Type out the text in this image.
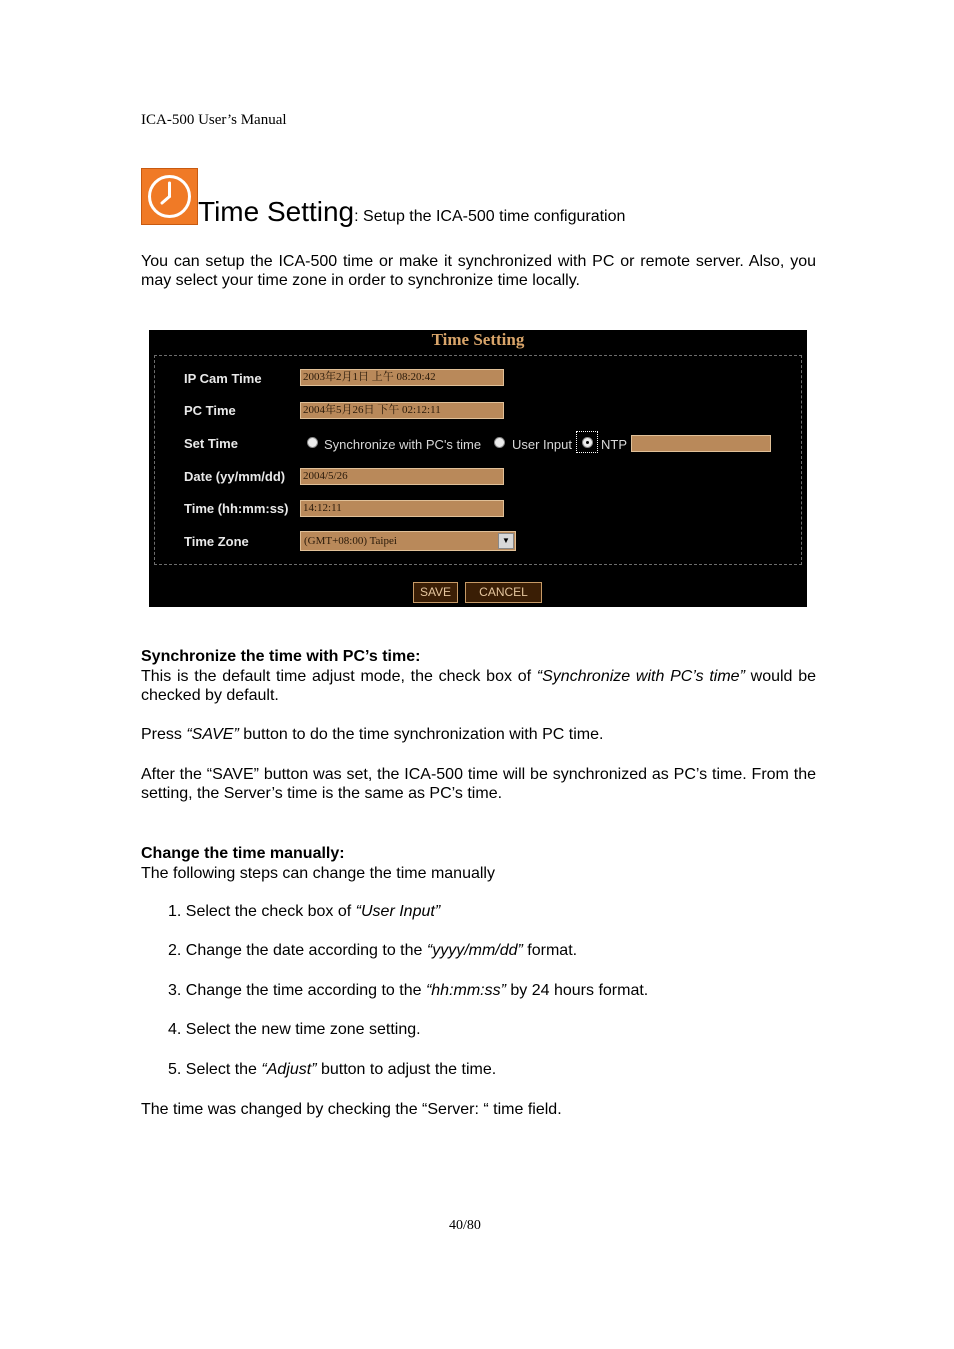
ICA-500 User’s Manual
Time Setting: Setup the ICA-500 time configuration
You can setup the ICA-500 time or make it synchronized with PC or remote server. Also, you may select your time zone in order to synchronize time locally.
Time Setting
IP Cam Time	2003年2月1日 上午 08:20:42
PC Time	2004年5月26日 下午 02:12:11
Set Time	Synchronize with PC's time User Input NTP
Date (yy/mm/dd) 2004/5/26
Time (hh:mm:ss) 14:12:11
Time Zone	(GMT+08:00) Taipei	▼
SAVE	CANCEL
Synchronize the time with PC’s time:
This is the default time adjust mode, the check box of “Synchronize with PC’s time” would be checked by default.
Press “SAVE” button to do the time synchronization with PC time.
After the “SAVE” button was set, the ICA-500 time will be synchronized as PC’s time. From the setting, the Server’s time is the same as PC’s time.
Change the time manually:
The following steps can change the time manually
1. Select the check box of “User Input”
2. Change the date according to the “yyyy/mm/dd” format.
3. Change the time according to the “hh:mm:ss” by 24 hours format.
4. Select the new time zone setting.
5. Select the “Adjust” button to adjust the time.
The time was changed by checking the “Server: “ time field.
40/80
